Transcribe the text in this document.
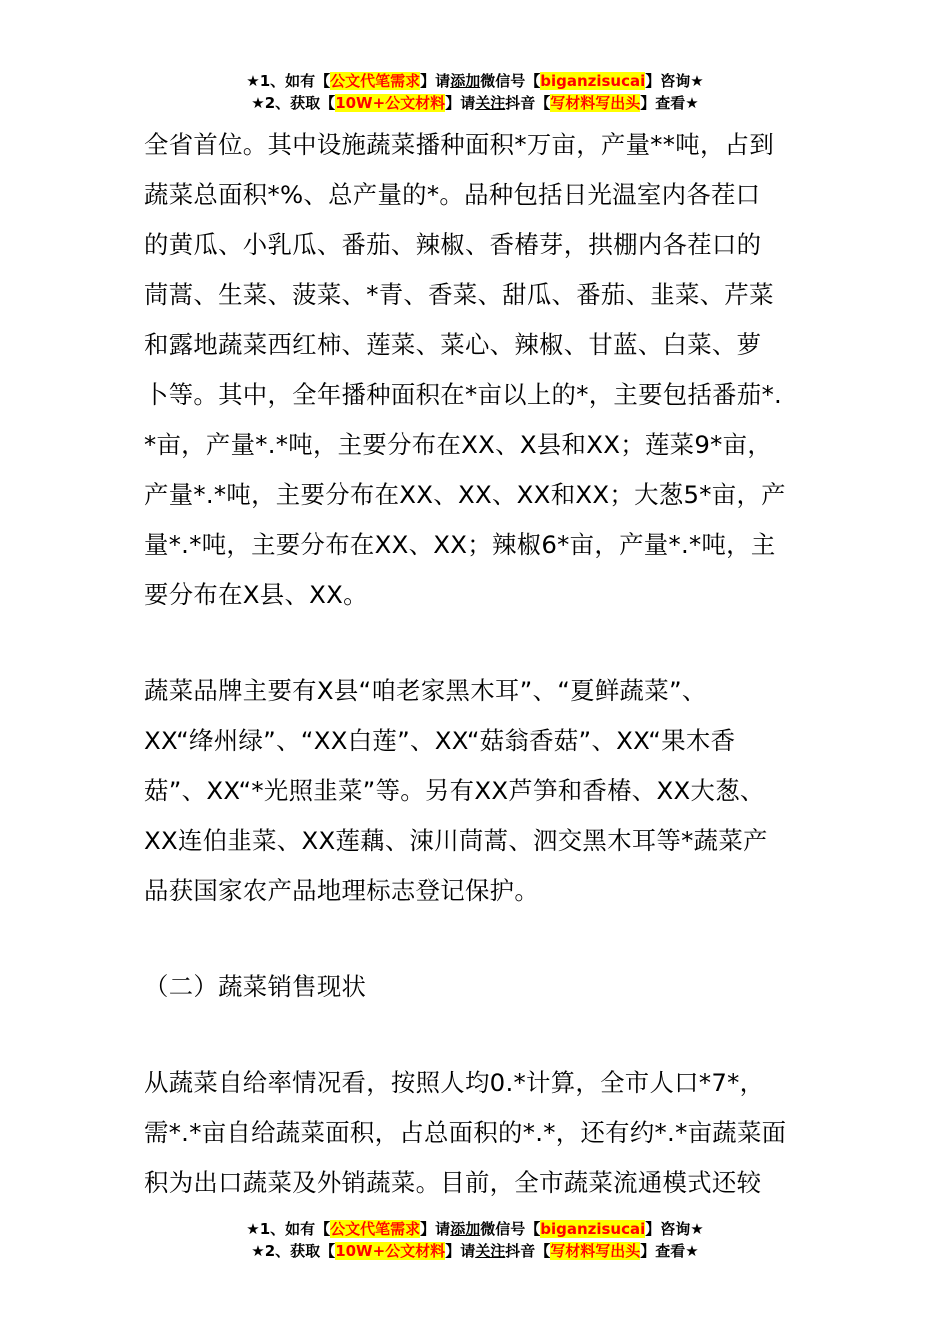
★1、如有【公文代笔需求】请添加微信号【biganzisucai】咨询★
★2、获取【10W+公文材料】请关注抖音【写材料写出头】查看★

全省首位。其中设施蔬菜播种面积*万亩，产量**吨，占到

蔬菜总面积*%、总产量的*。品种包括日光温室内各茬口

的黄瓜、小乳瓜、番茄、辣椒、香椿芽，拱棚内各茬口的

茼蒿、生菜、菠菜、*青、香菜、甜瓜、番茄、韭菜、芹菜

和露地蔬菜西红柿、莲菜、菜心、辣椒、甘蓝、白菜、萝

卜等。其中，全年播种面积在*亩以上的*，主要包括番茄*.

*亩，产量*.*吨，主要分布在XX、X县和XX；莲菜9*亩，

产量*.*吨，主要分布在XX、XX、XX和XX；大葱5*亩，产

量*.*吨，主要分布在XX、XX；辣椒6*亩，产量*.*吨，主

要分布在X县、XX。

蔬菜品牌主要有X县“咱老家黑木耳”、“夏鲜蔬菜”、

XX“绛州绿”、“XX白莲”、XX“菇翁香菇”、XX“果木香

菇”、XX“*光照韭菜”等。另有XX芦笋和香椿、XX大葱、

XX连伯韭菜、XX莲藕、涑川茼蒿、泗交黑木耳等*蔬菜产

品获国家农产品地理标志登记保护。

（二）蔬菜销售现状

从蔬菜自给率情况看，按照人均0.*计算，全市人口*7*，

需*.*亩自给蔬菜面积，占总面积的*.*，还有约*.*亩蔬菜面

积为出口蔬菜及外销蔬菜。目前，全市蔬菜流通模式还较

★1、如有【公文代笔需求】请添加微信号【biganzisucai】咨询★
★2、获取【10W+公文材料】请关注抖音【写材料写出头】查看★
